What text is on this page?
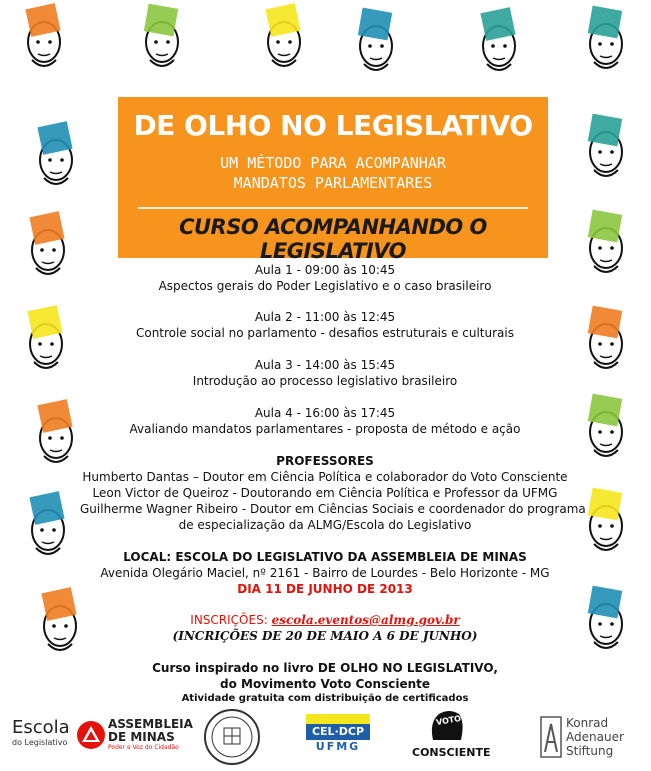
DE OLHO NO LEGISLATIVO
UM MÉTODO PARA ACOMPANHAR
MANDATOS PARLAMENTARES
CURSO ACOMPANHANDO O LEGISLATIVO
Aula 1 - 09:00 às 10:45
Aspectos gerais do Poder Legislativo e o caso brasileiro
Aula 2 - 11:00 às 12:45
Controle social no parlamento - desafios estruturais e culturais
Aula 3 - 14:00 às 15:45
Introdução ao processo legislativo brasileiro
Aula 4 - 16:00 às 17:45
Avaliando mandatos parlamentares - proposta de método e ação
PROFESSORES
Humberto Dantas – Doutor em Ciência Política e colaborador do Voto Consciente
Leon Victor de Queiroz - Doutorando em Ciência Política e Professor da UFMG
Guilherme Wagner Ribeiro - Doutor em Ciências Sociais e coordenador do programa
de especialização da ALMG/Escola do Legislativo
LOCAL: ESCOLA DO LEGISLATIVO DA ASSEMBLEIA DE MINAS
Avenida Olegário Maciel, nº 2161 - Bairro de Lourdes - Belo Horizonte - MG
DIA 11 DE JUNHO DE 2013
INSCRIÇÕES: escola.eventos@almg.gov.br
(INCRIÇÕES DE 20 DE MAIO A 6 DE JUNHO)
Curso inspirado no livro DE OLHO NO LEGISLATIVO,
do Movimento Voto Consciente
Atividade gratuita com distribuição de certificados
Escola
do Legislativo
ASSEMBLEIA
DE MINAS
Poder e Voz do Cidadão
CEL·DCP
UFMG
VOTO
CONSCIENTE
Konrad
Adenauer
Stiftung
